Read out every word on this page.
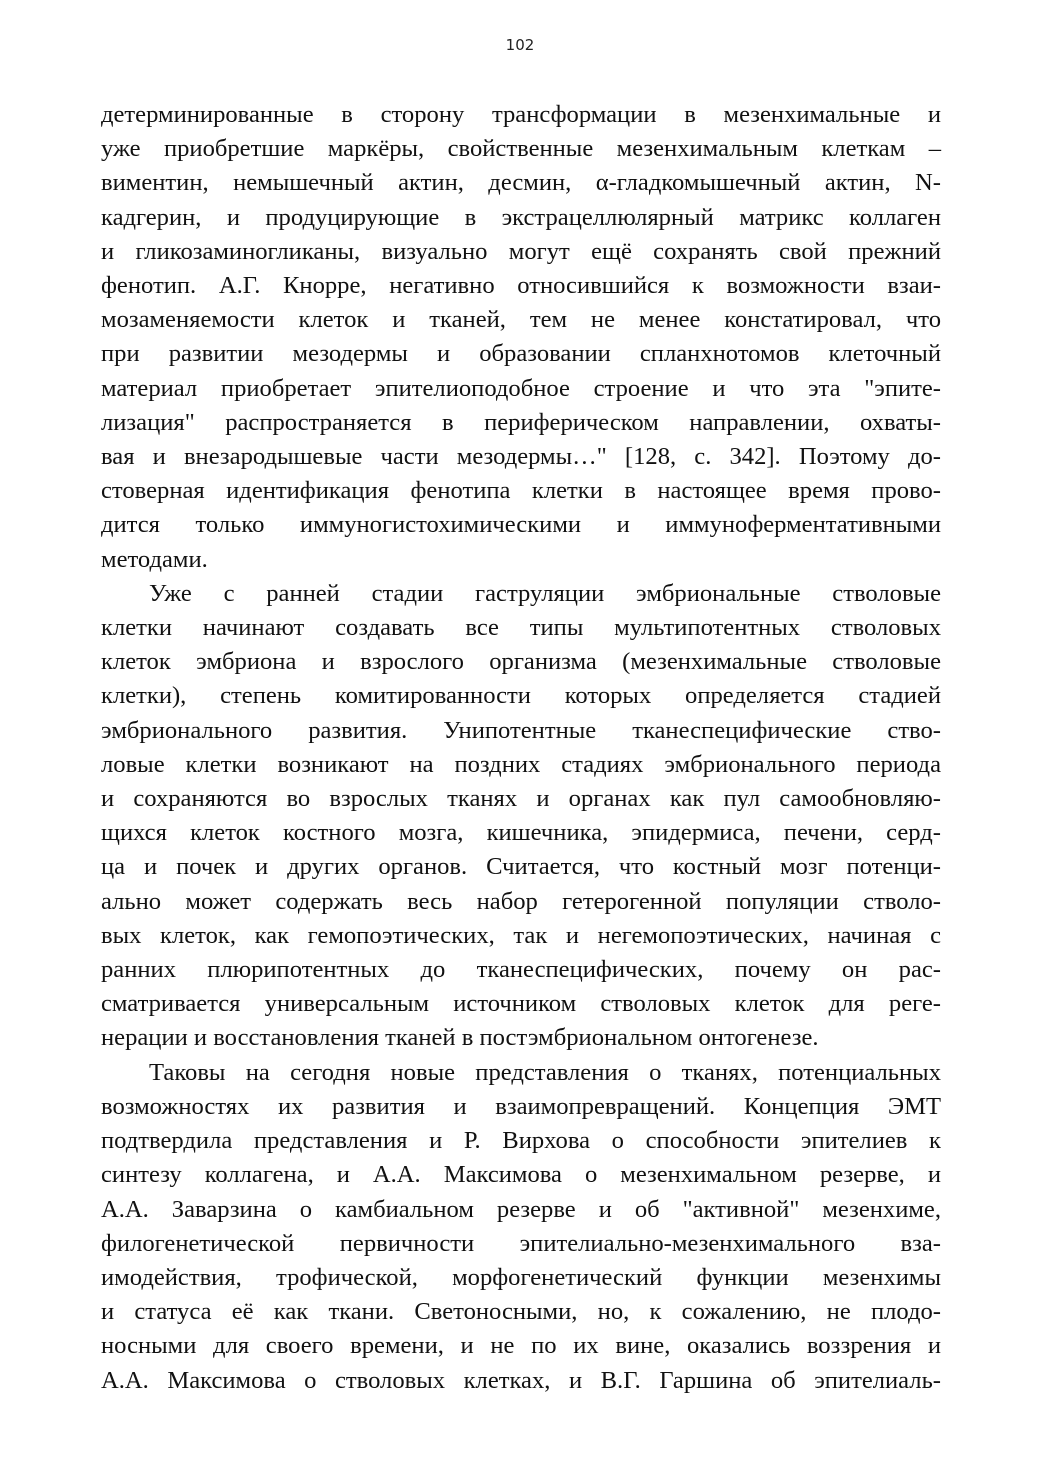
102
детерминированные в сторону трансформации в мезенхимальные и
уже приобретшие маркёры, свойственные мезенхимальным клеткам –
вимeнтин, немышечный актин, десмин, α-гладкомышечный актин, N-
кадгерин, и продуцирующие в экстрацеллюлярный матрикс коллаген
и гликозаминогликаны, визуально могут ещё сохранять свой прежний
фенотип. А.Г. Кнорре, негативно относившийся к возможности взаи-
мозаменяемости клеток и тканей, тем не менее констатировал, что
при развитии мезодермы и образовании спланхнотомов клеточный
материал приобретает эпителиоподобное строение и что эта "эпите-
лизация" распространяется в периферическом направлении, охваты-
вая и внезародышевые части мезодермы…" [128, с. 342]. Поэтому до-
стоверная идентификация фенотипа клетки в настоящее время прово-
дится только иммуногистохимическими и иммуноферментативными
методами.
Уже с ранней стадии гаструляции эмбриональные стволовые
клетки начинают создавать все типы мультипотентных стволовых
клеток эмбриона и взрослого организма (мезенхимальные стволовые
клетки), степень комитированности которых определяется стадией
эмбрионального развития. Унипотентные тканеспецифические ство-
ловые клетки возникают на поздних стадиях эмбрионального периода
и сохраняются во взрослых тканях и органах как пул самообновляю-
щихся клеток костного мозга, кишечника, эпидермиса, печени, серд-
ца и почек и других органов. Считается, что костный мозг потенци-
ально может содержать весь набор гетерогенной популяции стволо-
вых клеток, как гемопоэтических, так и негемопоэтических, начиная с
ранних плюрипотентных до тканеспецифических, почему он рас-
сматривается универсальным источником стволовых клеток для реге-
нерации и восстановления тканей в постэмбриональном онтогенезе.
Таковы на сегодня новые представления о тканях, потенциальных
возможностях их развития и взаимопревращений. Концепция ЭМТ
подтвердила представления и Р. Вирхова о способности эпителиев к
синтезу коллагена, и А.А. Максимова о мезенхимальном резерве, и
А.А. Заварзина о камбиальном резерве и об "активной" мезенхиме,
филогенетической первичности эпителиально-мезенхимального вза-
имодействия, трофической, морфогенетический функции мезенхимы
и статуса её как ткани. Светоносными, но, к сожалению, не плодо-
носными для своего времени, и не по их вине, оказались воззрения и
А.А. Максимова о стволовых клетках, и В.Г. Гаршина об эпителиаль-
